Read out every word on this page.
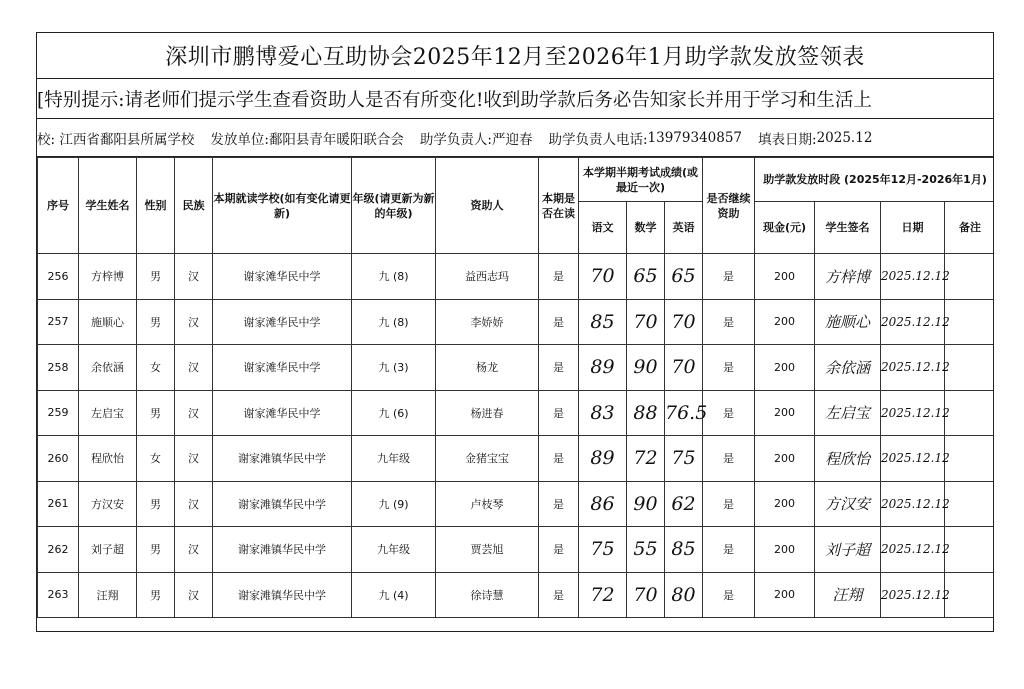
深圳市鹏博爱心互助协会2025年12月至2026年1月助学款发放签领表
[特别提示:请老师们提示学生查看资助人是否有所变化!收到助学款后务必告知家长并用于学习和生活上
校: 江西省鄱阳县所属学校 发放单位: 鄱阳县青年暖阳联合会 助学负责人: 严迎春 助学负责人电话: 13979340857 填表日期: 2025.12
序号	学生姓名	性别	民族	本期就读学校(如有变化请更新)	年级(请更新为新的年级)	资助人	本期是否在读	本学期半期考试成绩(或最近一次)			是否继续资助	助学款发放时段 (2025年12月-2026年1月)			
								语文	数学	英语		现金(元)	学生签名	日期	备注
256	方梓博	男	汉	谢家滩华民中学	九 (8)	益西志玛	是	70	65	65	是	200	方梓博	2025.12.12	
257	施顺心	男	汉	谢家滩华民中学	九 (8)	李娇娇	是	85	70	70	是	200	施顺心	2025.12.12	
258	余依涵	女	汉	谢家滩华民中学	九 (3)	杨龙	是	89	90	70	是	200	余依涵	2025.12.12	
259	左启宝	男	汉	谢家滩华民中学	九 (6)	杨进春	是	83	88	76.5	是	200	左启宝	2025.12.12	
260	程欣怡	女	汉	谢家滩镇华民中学	九年级	金猪宝宝	是	89	72	75	是	200	程欣怡	2025.12.12	
261	方汉安	男	汉	谢家滩镇华民中学	九 (9)	卢枝琴	是	86	90	62	是	200	方汉安	2025.12.12	
262	刘子超	男	汉	谢家滩镇华民中学	九年级	贾芸旭	是	75	55	85	是	200	刘子超	2025.12.12	
263	汪翔	男	汉	谢家滩镇华民中学	九 (4)	徐诗慧	是	72	70	80	是	200	汪翔	2025.12.12	
